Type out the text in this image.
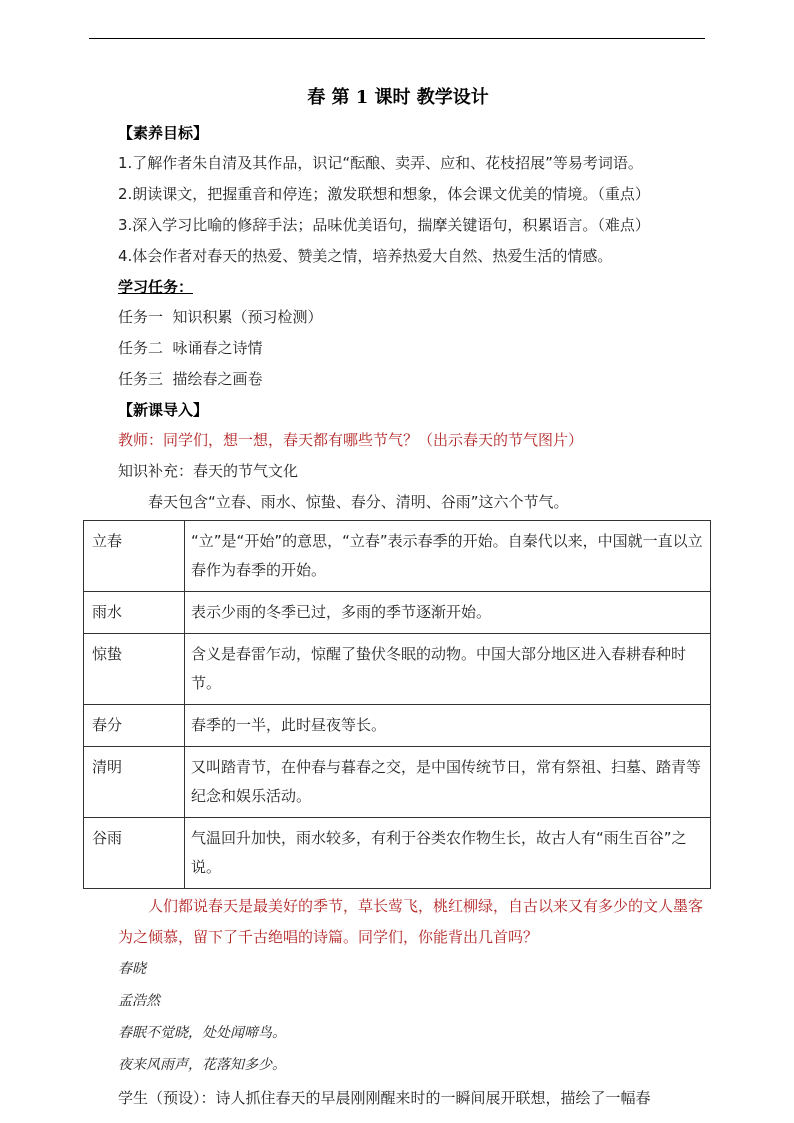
春 第 1 课时 教学设计
【素养目标】
1.了解作者朱自清及其作品，识记“酝酿、卖弄、应和、花枝招展”等易考词语。
2.朗读课文，把握重音和停连；激发联想和想象，体会课文优美的情境。（重点）
3.深入学习比喻的修辞手法；品味优美语句，揣摩关键语句，积累语言。（难点）
4.体会作者对春天的热爱、赞美之情，培养热爱大自然、热爱生活的情感。
学习任务：
任务一  知识积累（预习检测）
任务二  咏诵春之诗情
任务三  描绘春之画卷
【新课导入】
教师：同学们，想一想，春天都有哪些节气？（出示春天的节气图片）
知识补充：春天的节气文化
春天包含“立春、雨水、惊蛰、春分、清明、谷雨”这六个节气。
立春	“立”是“开始”的意思，“立春”表示春季的开始。自秦代以来，中国就一直以立春作为春季的开始。
雨水	表示少雨的冬季已过，多雨的季节逐渐开始。
惊蛰	含义是春雷乍动，惊醒了蛰伏冬眠的动物。中国大部分地区进入春耕春种时节。
春分	春季的一半，此时昼夜等长。
清明	又叫踏青节，在仲春与暮春之交，是中国传统节日，常有祭祖、扫墓、踏青等纪念和娱乐活动。
谷雨	气温回升加快，雨水较多，有利于谷类农作物生长，故古人有“雨生百谷”之说。
人们都说春天是最美好的季节，草长莺飞，桃红柳绿，自古以来又有多少的文人墨客为之倾慕，留下了千古绝唱的诗篇。同学们，你能背出几首吗？
春晓
孟浩然
春眠不觉晓，处处闻啼鸟。
夜来风雨声，花落知多少。
学生（预设）：诗人抓住春天的早晨刚刚醒来时的一瞬间展开联想，描绘了一幅春
